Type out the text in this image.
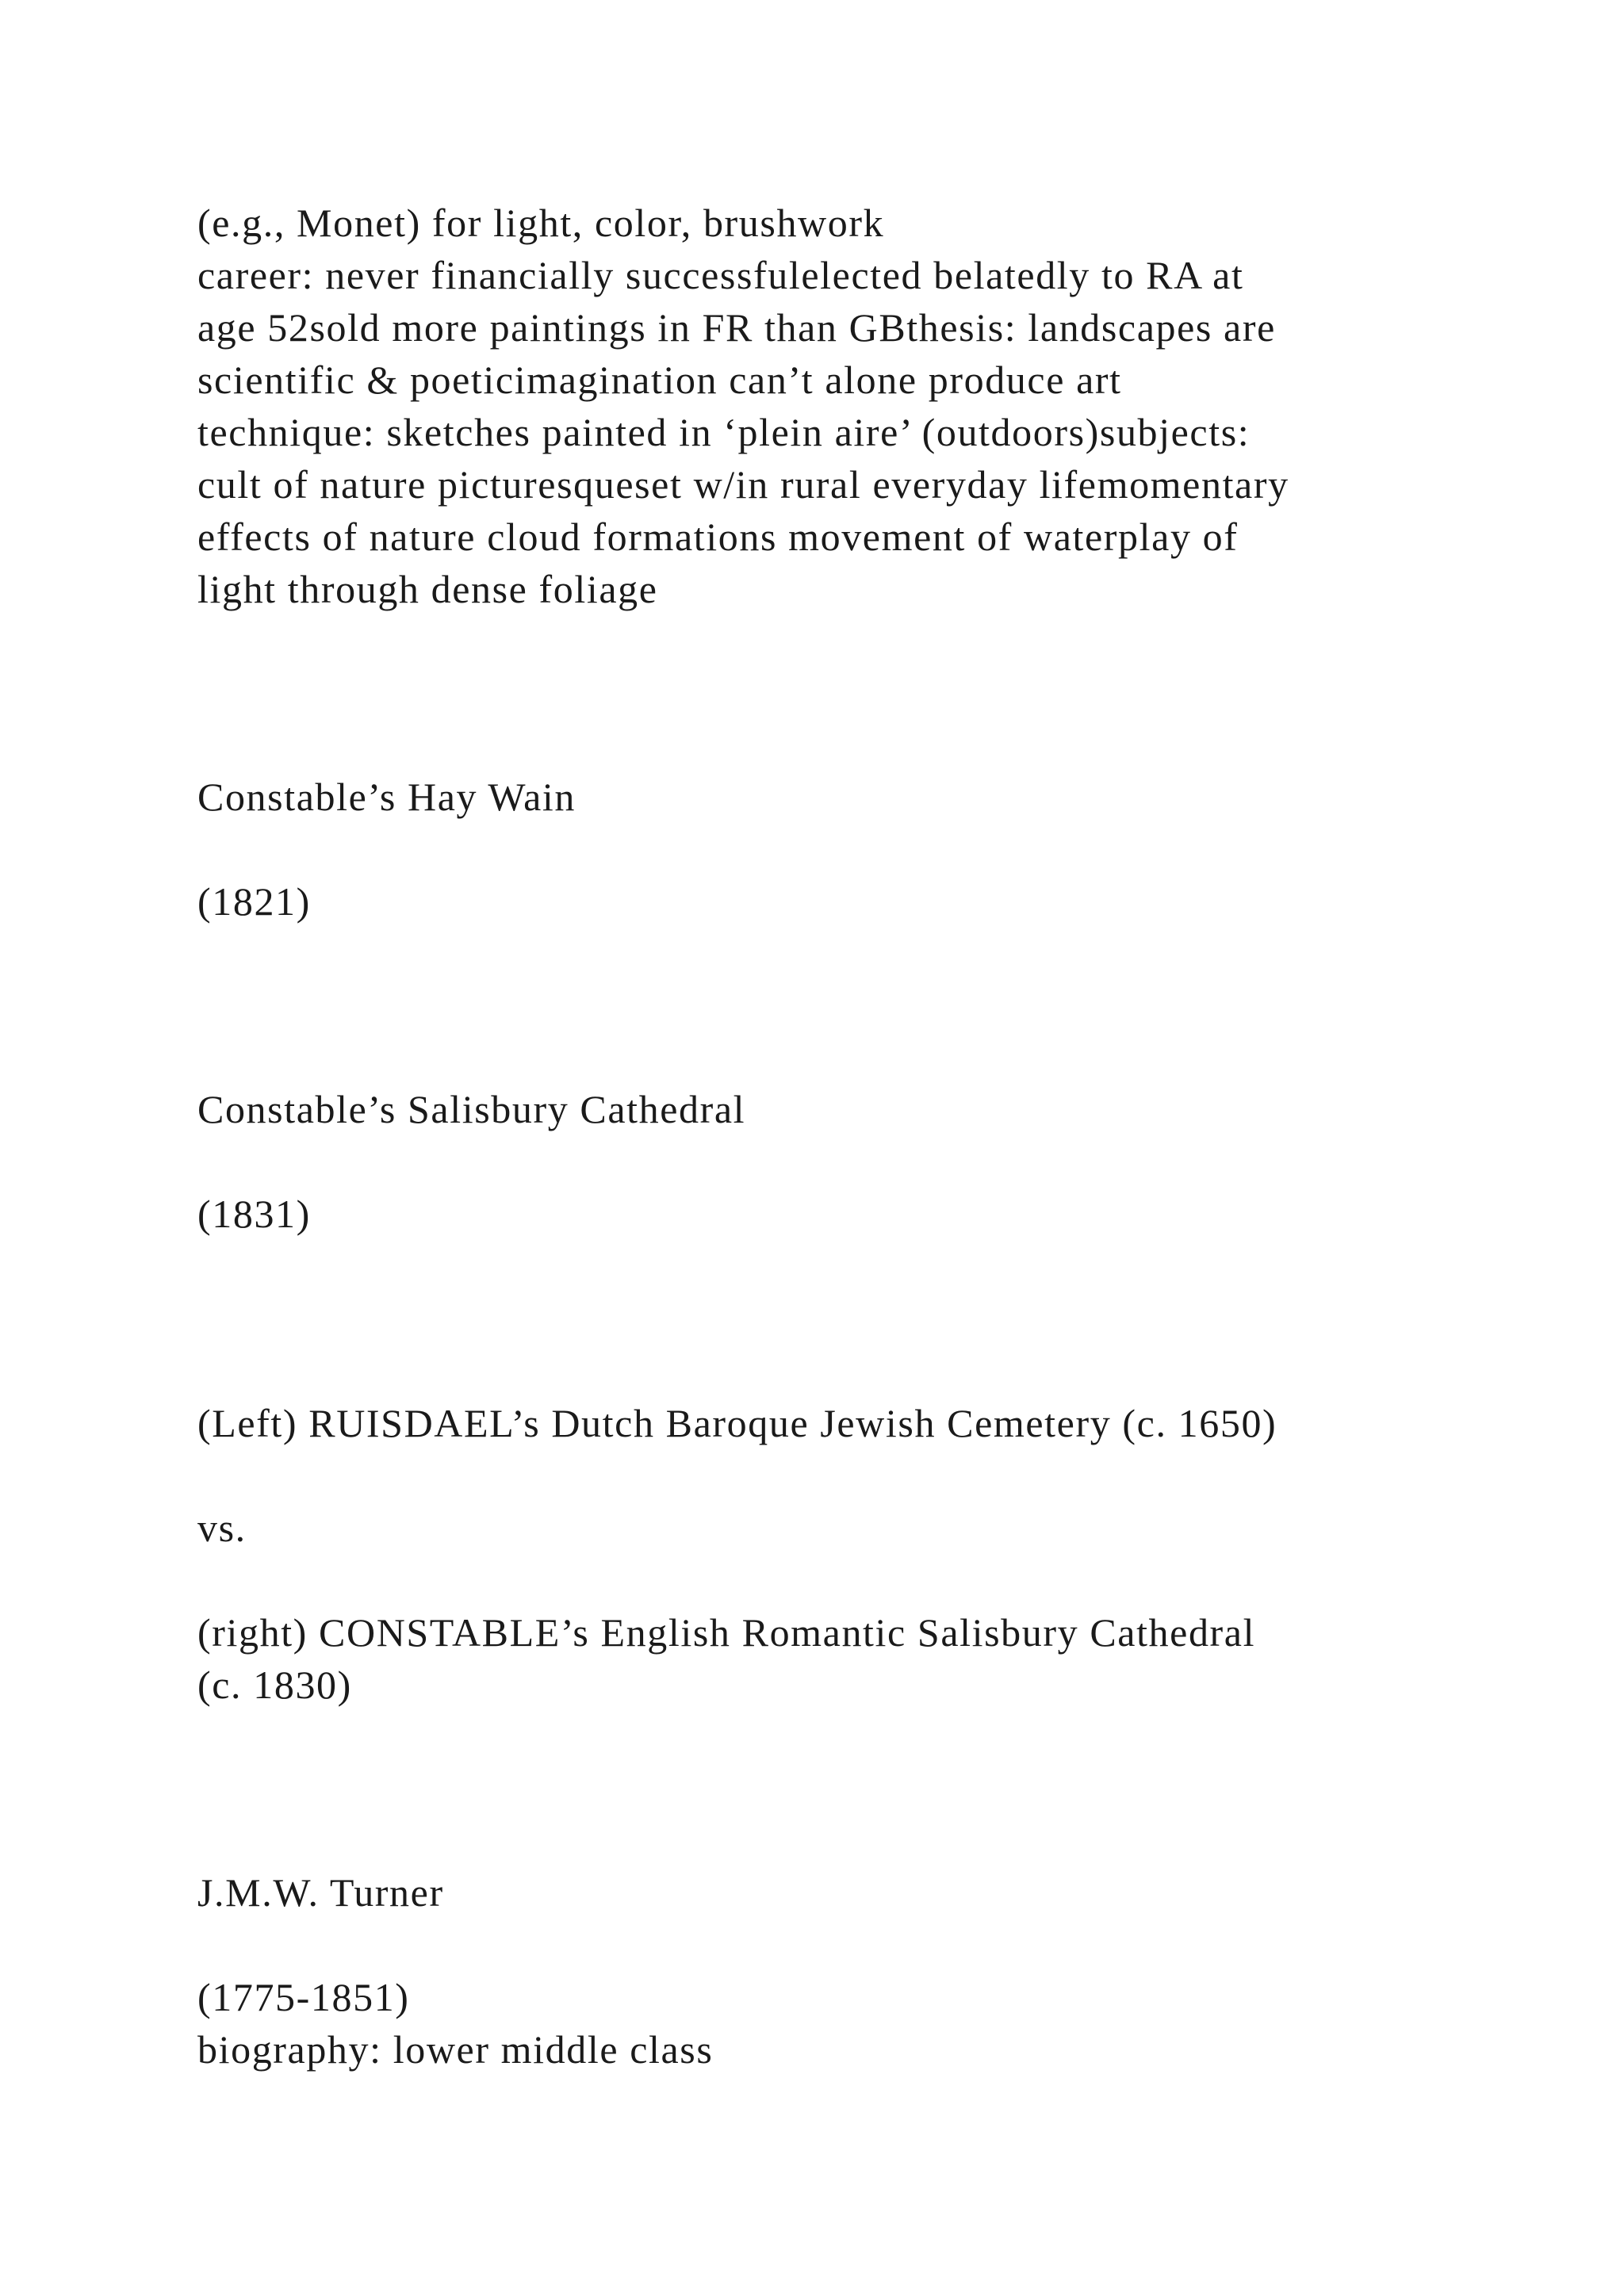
(e.g., Monet) for light, color, brushwork

career: never financially successfulelected belatedly to RA at

age 52sold more paintings in FR than GBthesis: landscapes are

scientific & poeticimagination can’t alone produce art

technique: sketches painted in ‘plein aire’ (outdoors)subjects:

cult of nature picturesqueset w/in rural everyday lifemomentary

effects of nature cloud formations movement of waterplay of

light through dense foliage

Constable’s Hay Wain

(1821)

Constable’s Salisbury Cathedral

(1831)

(Left) RUISDAEL’s Dutch Baroque Jewish Cemetery (c. 1650)

vs.

(right) CONSTABLE’s English Romantic Salisbury Cathedral

(c. 1830)

J.M.W. Turner

(1775-1851)

biography: lower middle class
